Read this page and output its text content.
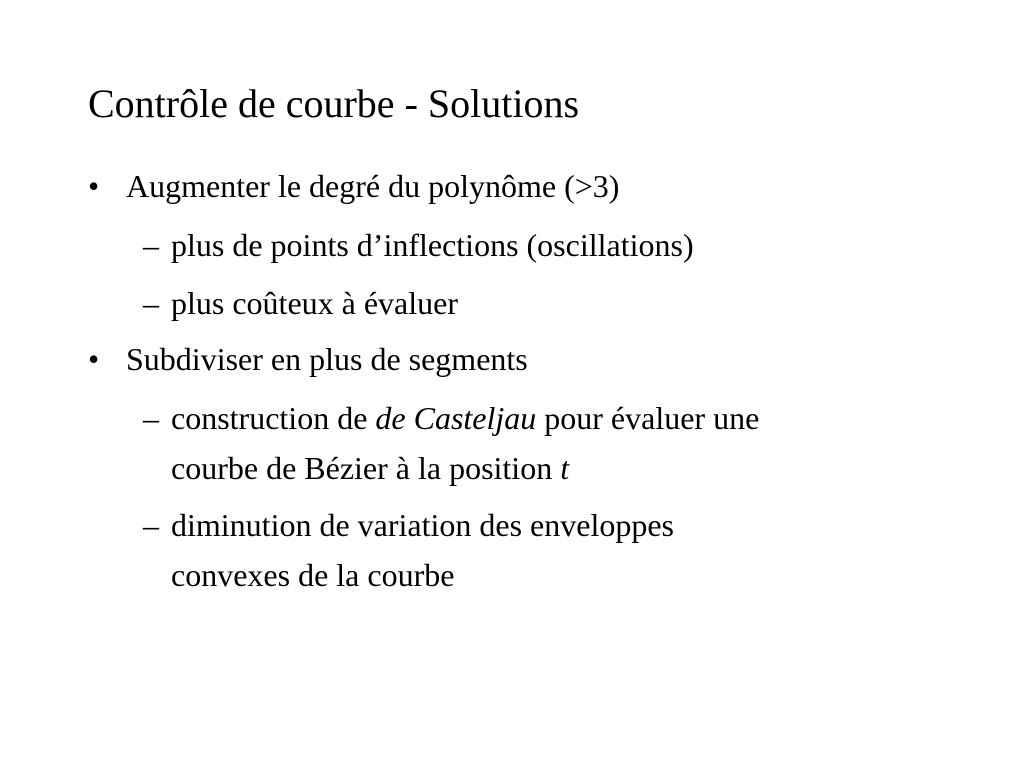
Contrôle de courbe - Solutions
• Augmenter le degré du polynôme (>3)
– plus de points d’inflections (oscillations)
– plus coûteux à évaluer
• Subdiviser en plus de segments
– construction de de Casteljau pour évaluer une
courbe de Bézier à la position t
– diminution de variation des enveloppes
convexes de la courbe
